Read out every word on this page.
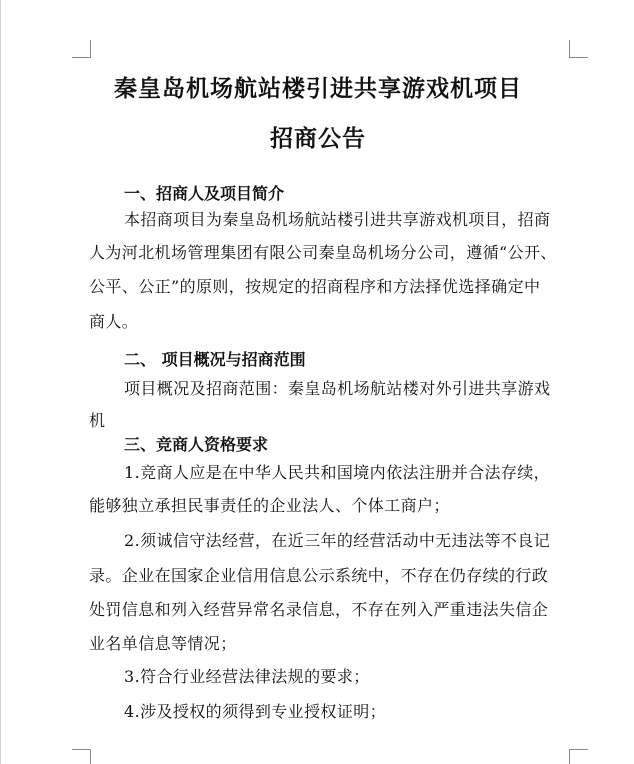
秦皇岛机场航站楼引进共享游戏机项目
招商公告
一、招商人及项目简介
本招商项目为秦皇岛机场航站楼引进共享游戏机项目，招商
人为河北机场管理集团有限公司秦皇岛机场分公司，遵循“公开、
公平、公正”的原则，按规定的招商程序和方法择优选择确定中
商人。
二、 项目概况与招商范围
项目概况及招商范围：秦皇岛机场航站楼对外引进共享游戏
机
三、竞商人资格要求
1.竞商人应是在中华人民共和国境内依法注册并合法存续，
能够独立承担民事责任的企业法人、个体工商户；
2.须诚信守法经营，在近三年的经营活动中无违法等不良记
录。企业在国家企业信用信息公示系统中，不存在仍存续的行政
处罚信息和列入经营异常名录信息，不存在列入严重违法失信企
业名单信息等情况；
3.符合行业经营法律法规的要求；
4.涉及授权的须得到专业授权证明；
